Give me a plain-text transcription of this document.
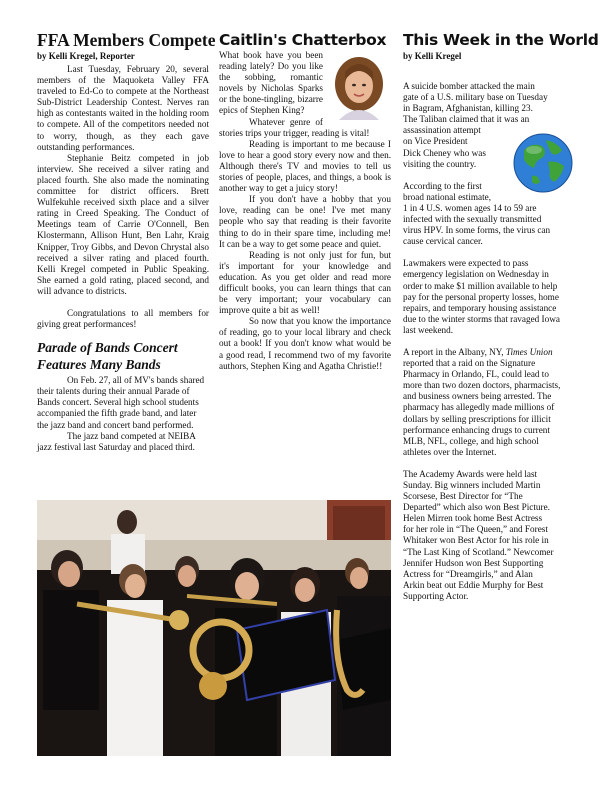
FFA Members Compete
by Kelli Kregel, Reporter

Last Tuesday, February 20, several members of the Maquoketa Valley FFA traveled to Ed-Co to compete at the Northeast Sub-District Leadership Contest. Nerves ran high as contestants waited in the holding room to compete. All of the competitors needed not to worry, though, as they each gave outstanding performances.

Stephanie Beitz competed in job interview. She received a silver rating and placed fourth. She also made the nominating committee for district officers. Brett Wulfekuhle received sixth place and a silver rating in Creed Speaking. The Conduct of Meetings team of Carrie O'Connell, Ben Klostermann, Allison Hunt, Ben Lahr, Kraig Knipper, Troy Gibbs, and Devon Chrystal also received a silver rating and placed fourth. Kelli Kregel competed in Public Speaking. She earned a gold rating, placed second, and will advance to districts.

Congratulations to all members for giving great performances!

Parade of Bands Concert Features Many Bands

On Feb. 27, all of MV's bands shared their talents during their annual Parade of Bands concert. Several high school students accompanied the fifth grade band, and later the jazz band and concert band performed.

The jazz band competed at NEIBA jazz festival last Saturday and placed third.

Caitlin's Chatterbox

What book have you been reading lately? Do you like the sobbing, romantic novels by Nicholas Sparks or the bone-tingling, bizarre epics of Stephen King?

Whatever genre of stories trips your trigger, reading is vital!

Reading is important to me because I love to hear a good story every now and then. Although there's TV and movies to tell us stories of people, places, and things, a book is another way to get a juicy story!

If you don't have a hobby that you love, reading can be one! I've met many people who say that reading is their favorite thing to do in their spare time, including me! It can be a way to get some peace and quiet.

Reading is not only just for fun, but it's important for your knowledge and education. As you get older and read more difficult books, you can learn things that can be very important; your vocabulary can improve quite a bit as well!

So now that you know the importance of reading, go to your local library and check out a book! If you don't know what would be a good read, I recommend two of my favorite authors, Stephen King and Agatha Christie!!

This Week in the World
by Kelli Kregel
A suicide bomber attacked the main
gate of a U.S. military base on Tuesday
in Bagram, Afghanistan, killing 23.
The Taliban claimed that it was an
assassination attempt
on Vice President
Dick Cheney who was
visiting the country.
According to the first
broad national estimate,
1 in 4 U.S. women ages 14 to 59 are
infected with the sexually transmitted
virus HPV. In some forms, the virus can
cause cervical cancer.
Lawmakers were expected to pass
emergency legislation on Wednesday in
order to make $1 million available to help
pay for the personal property losses, home
repairs, and temporary housing assistance
due to the winter storms that ravaged Iowa
last weekend.
A report in the Albany, NY, Times Union
reported that a raid on the Signature
Pharmacy in Orlando, FL, could lead to
more than two dozen doctors, pharmacists,
and business owners being arrested. The
pharmacy has allegedly made millions of
dollars by selling prescriptions for illicit
performance enhancing drugs to current
MLB, NFL, college, and high school
athletes over the Internet.
The Academy Awards were held last
Sunday. Big winners included Martin
Scorsese, Best Director for “The
Departed” which also won Best Picture.
Helen Mirren took home Best Actress
for her role in “The Queen,” and Forest
Whitaker won Best Actor for his role in
“The Last King of Scotland.” Newcomer
Jennifer Hudson won Best Supporting
Actress for “Dreamgirls,” and Alan
Arkin beat out Eddie Murphy for Best
Supporting Actor.
